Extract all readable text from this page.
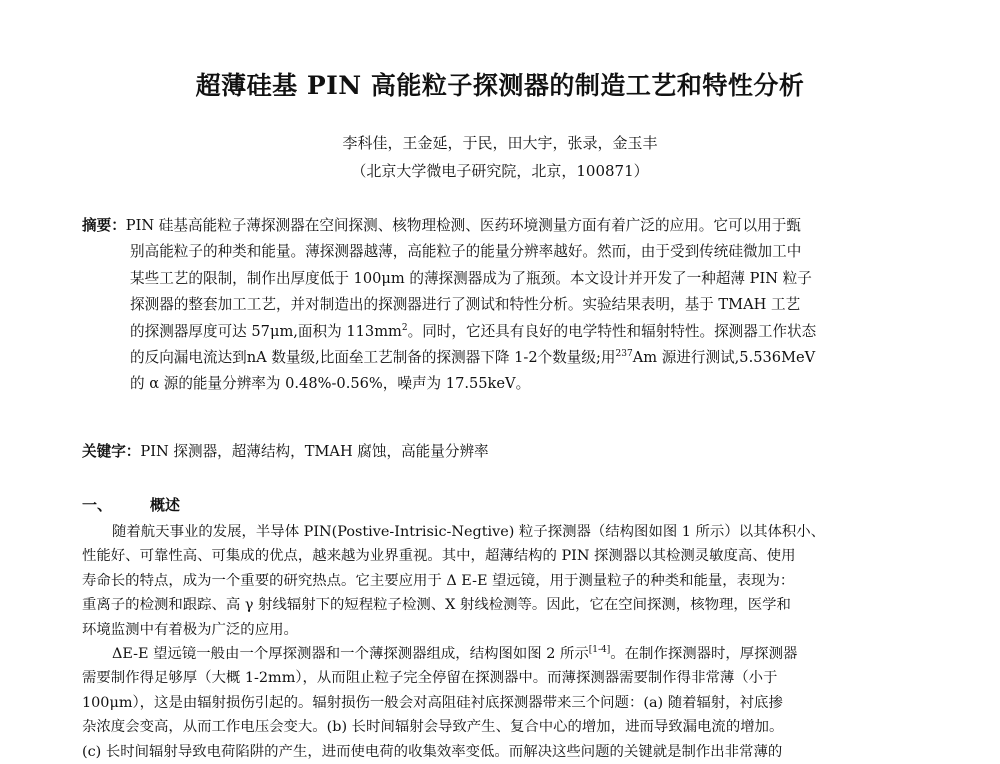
超薄硅基 PIN 高能粒子探测器的制造工艺和特性分析
李科佳，王金延，于民，田大宇，张录，金玉丰
（北京大学微电子研究院，北京，100871）
摘要：PIN 硅基高能粒子薄探测器在空间探测、核物理检测、医药环境测量方面有着广泛的应用。它可以用于甄
别高能粒子的种类和能量。薄探测器越薄，高能粒子的能量分辨率越好。然而，由于受到传统硅微加工中
某些工艺的限制，制作出厚度低于 100μm 的薄探测器成为了瓶颈。本文设计并开发了一种超薄 PIN 粒子
探测器的整套加工工艺，并对制造出的探测器进行了测试和特性分析。实验结果表明，基于 TMAH 工艺
的探测器厚度可达 57μm,面积为 $113mm^2$。同时，它还具有良好的电学特性和辐射特性。探测器工作状态
的反向漏电流达到nA 数量级,比面垒工艺制备的探测器下降 1-2个数量级;用$^{237}$Am 源进行测试,5.536MeV
的 α 源的能量分辨率为 0.48%-0.56%，噪声为 17.55keV。
关键字：PIN 探测器，超薄结构，TMAH 腐蚀，高能量分辨率
一、	概述
随着航天事业的发展，半导体 PIN(Postive-Intrisic-Negtive) 粒子探测器（结构图如图 1 所示）以其体积小、
性能好、可靠性高、可集成的优点，越来越为业界重视。其中，超薄结构的 PIN 探测器以其检测灵敏度高、使用
寿命长的特点，成为一个重要的研究热点。它主要应用于 Δ E-E 望远镜，用于测量粒子的种类和能量，表现为：
重离子的检测和跟踪、高 γ 射线辐射下的短程粒子检测、X 射线检测等。因此，它在空间探测，核物理，医学和
环境监测中有着极为广泛的应用。
ΔE-E 望远镜一般由一个厚探测器和一个薄探测器组成，结构图如图 2 所示[1-4]。在制作探测器时，厚探测器
需要制作得足够厚（大概 1-2mm），从而阻止粒子完全停留在探测器中。而薄探测器需要制作得非常薄（小于
100μm），这是由辐射损伤引起的。辐射损伤一般会对高阻硅衬底探测器带来三个问题：(a) 随着辐射，衬底掺
杂浓度会变高，从而工作电压会变大。(b) 长时间辐射会导致产生、复合中心的增加，进而导致漏电流的增加。
(c) 长时间辐射导致电荷陷阱的产生，进而使电荷的收集效率变低。而解决这些问题的关键就是制作出非常薄的
